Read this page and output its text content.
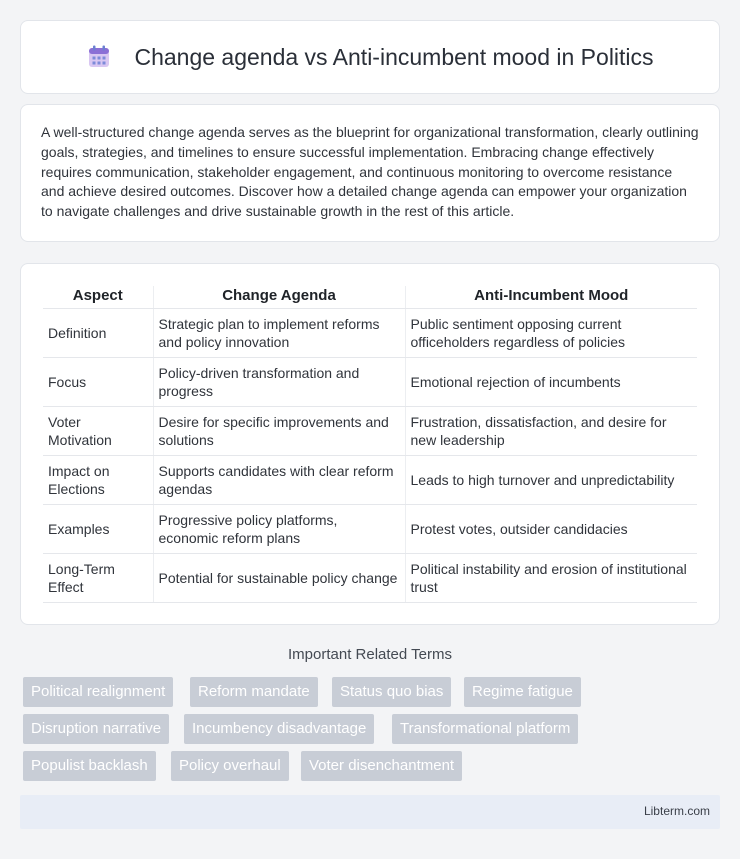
Change agenda vs Anti-incumbent mood in Politics

A well-structured change agenda serves as the blueprint for organizational transformation, clearly outlining goals, strategies, and timelines to ensure successful implementation. Embracing change effectively requires communication, stakeholder engagement, and continuous monitoring to overcome resistance and achieve desired outcomes. Discover how a detailed change agenda can empower your organization to navigate challenges and drive sustainable growth in the rest of this article.

Aspect	Change Agenda	Anti-Incumbent Mood
Definition	Strategic plan to implement reforms and policy innovation	Public sentiment opposing current officeholders regardless of policies
Focus	Policy-driven transformation and progress	Emotional rejection of incumbents
Voter Motivation	Desire for specific improvements and solutions	Frustration, dissatisfaction, and desire for new leadership
Impact on Elections	Supports candidates with clear reform agendas	Leads to high turnover and unpredictability
Examples	Progressive policy platforms, economic reform plans	Protest votes, outsider candidacies
Long-Term Effect	Potential for sustainable policy change	Political instability and erosion of institutional trust
Important Related Terms
Political realignment	Reform mandate	Status quo bias	Regime fatigue
Disruption narrative	Incumbency disadvantage	Transformational platform
Populist backlash	Policy overhaul	Voter disenchantment
Libterm.com
